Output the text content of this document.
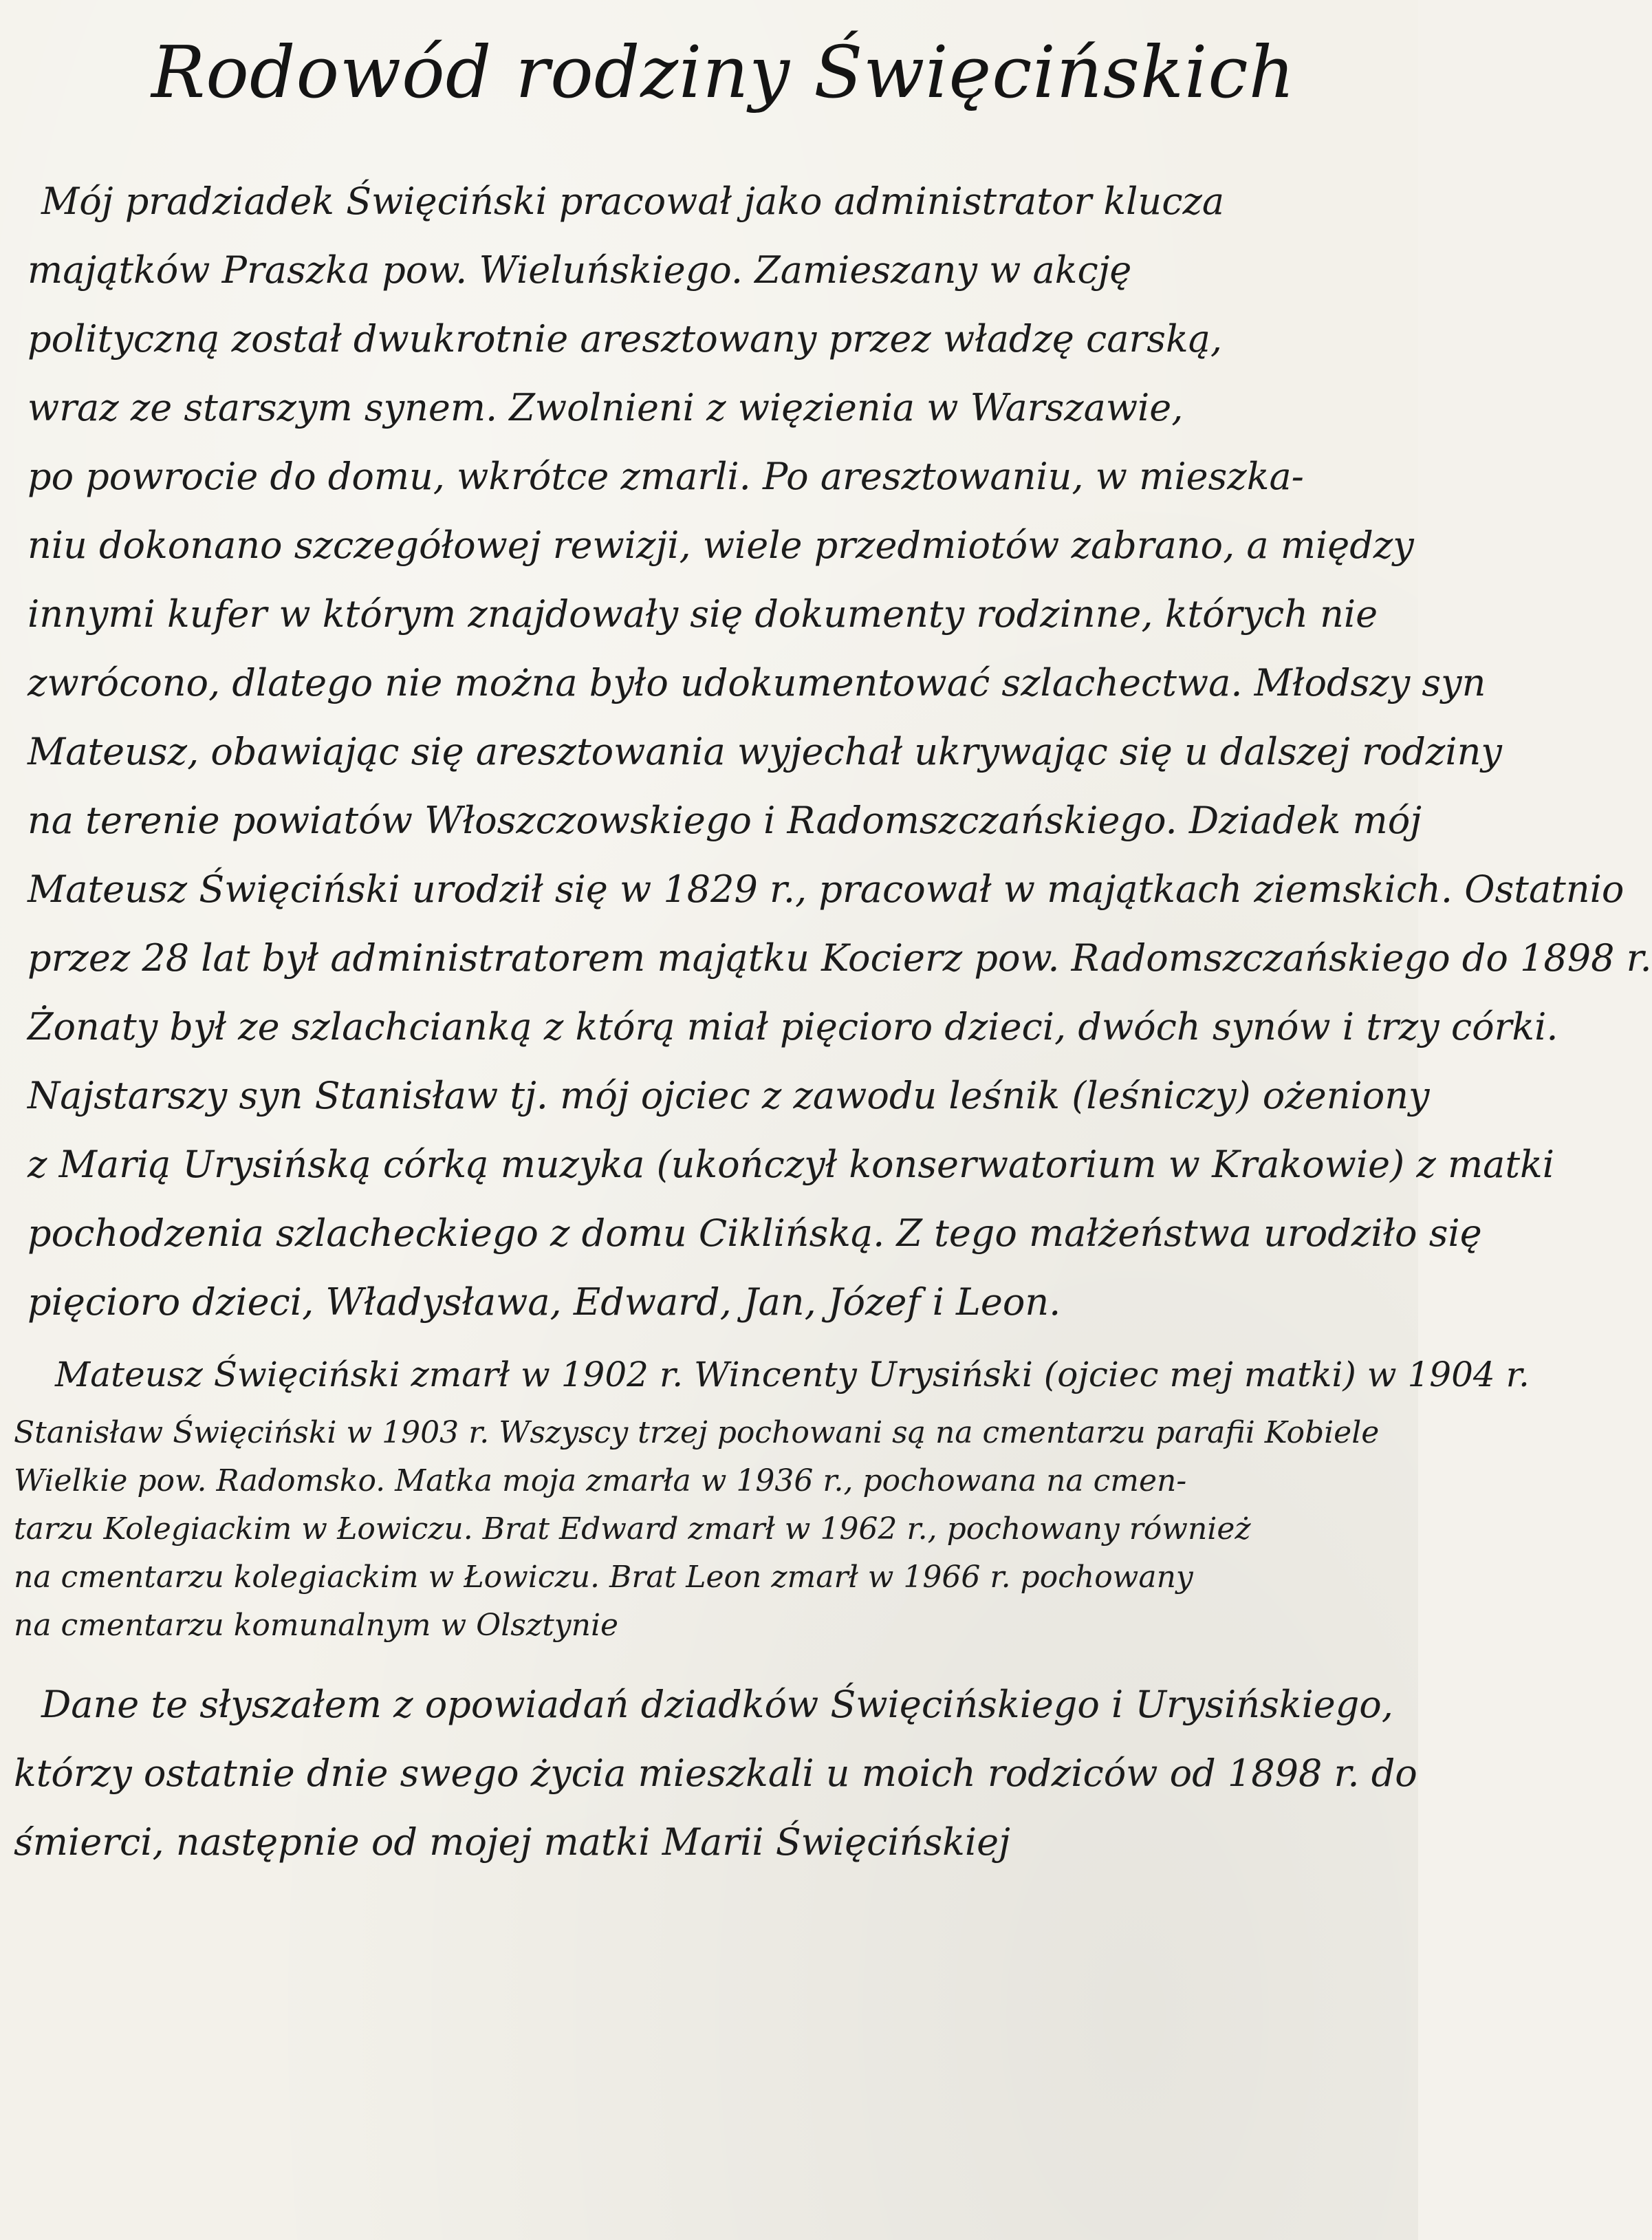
Rodowód rodziny Święcińskich
Mój pradziadek Święciński pracował jako administrator klucza
majątków Praszka pow. Wieluńskiego. Zamieszany w akcję
polityczną został dwukrotnie aresztowany przez władzę carską,
wraz ze starszym synem. Zwolnieni z więzienia w Warszawie,
po powrocie do domu, wkrótce zmarli. Po aresztowaniu, w mieszka-
niu dokonano szczegółowej rewizji, wiele przedmiotów zabrano, a między
innymi kufer w którym znajdowały się dokumenty rodzinne, których nie
zwrócono, dlatego nie można było udokumentować szlachectwa. Młodszy syn
Mateusz, obawiając się aresztowania wyjechał ukrywając się u dalszej rodziny
na terenie powiatów Włoszczowskiego i Radomszczańskiego. Dziadek mój
Mateusz Święciński urodził się w 1829 r., pracował w majątkach ziemskich. Ostatnio
przez 28 lat był administratorem majątku Kocierz pow. Radomszczańskiego do 1898 r.
Żonaty był ze szlachcianką z którą miał pięcioro dzieci, dwóch synów i trzy córki.
Najstarszy syn Stanisław tj. mój ojciec z zawodu leśnik (leśniczy) ożeniony
z Marią Urysińską córką muzyka (ukończył konserwatorium w Krakowie) z matki
pochodzenia szlacheckiego z domu Ciklińską. Z tego małżeństwa urodziło się
pięcioro dzieci, Władysława, Edward, Jan, Józef i Leon.
Mateusz Święciński zmarł w 1902 r. Wincenty Urysiński (ojciec mej matki) w 1904 r.
Stanisław Święciński w 1903 r. Wszyscy trzej pochowani są na cmentarzu parafii Kobiele
Wielkie pow. Radomsko. Matka moja zmarła w 1936 r., pochowana na cmen-
tarzu Kolegiackim w Łowiczu. Brat Edward zmarł w 1962 r., pochowany również
na cmentarzu kolegiackim w Łowiczu. Brat Leon zmarł w 1966 r. pochowany
na cmentarzu komunalnym w Olsztynie
Dane te słyszałem z opowiadań dziadków Święcińskiego i Urysińskiego,
którzy ostatnie dnie swego życia mieszkali u moich rodziców od 1898 r. do
śmierci, następnie od mojej matki Marii Święcińskiej
